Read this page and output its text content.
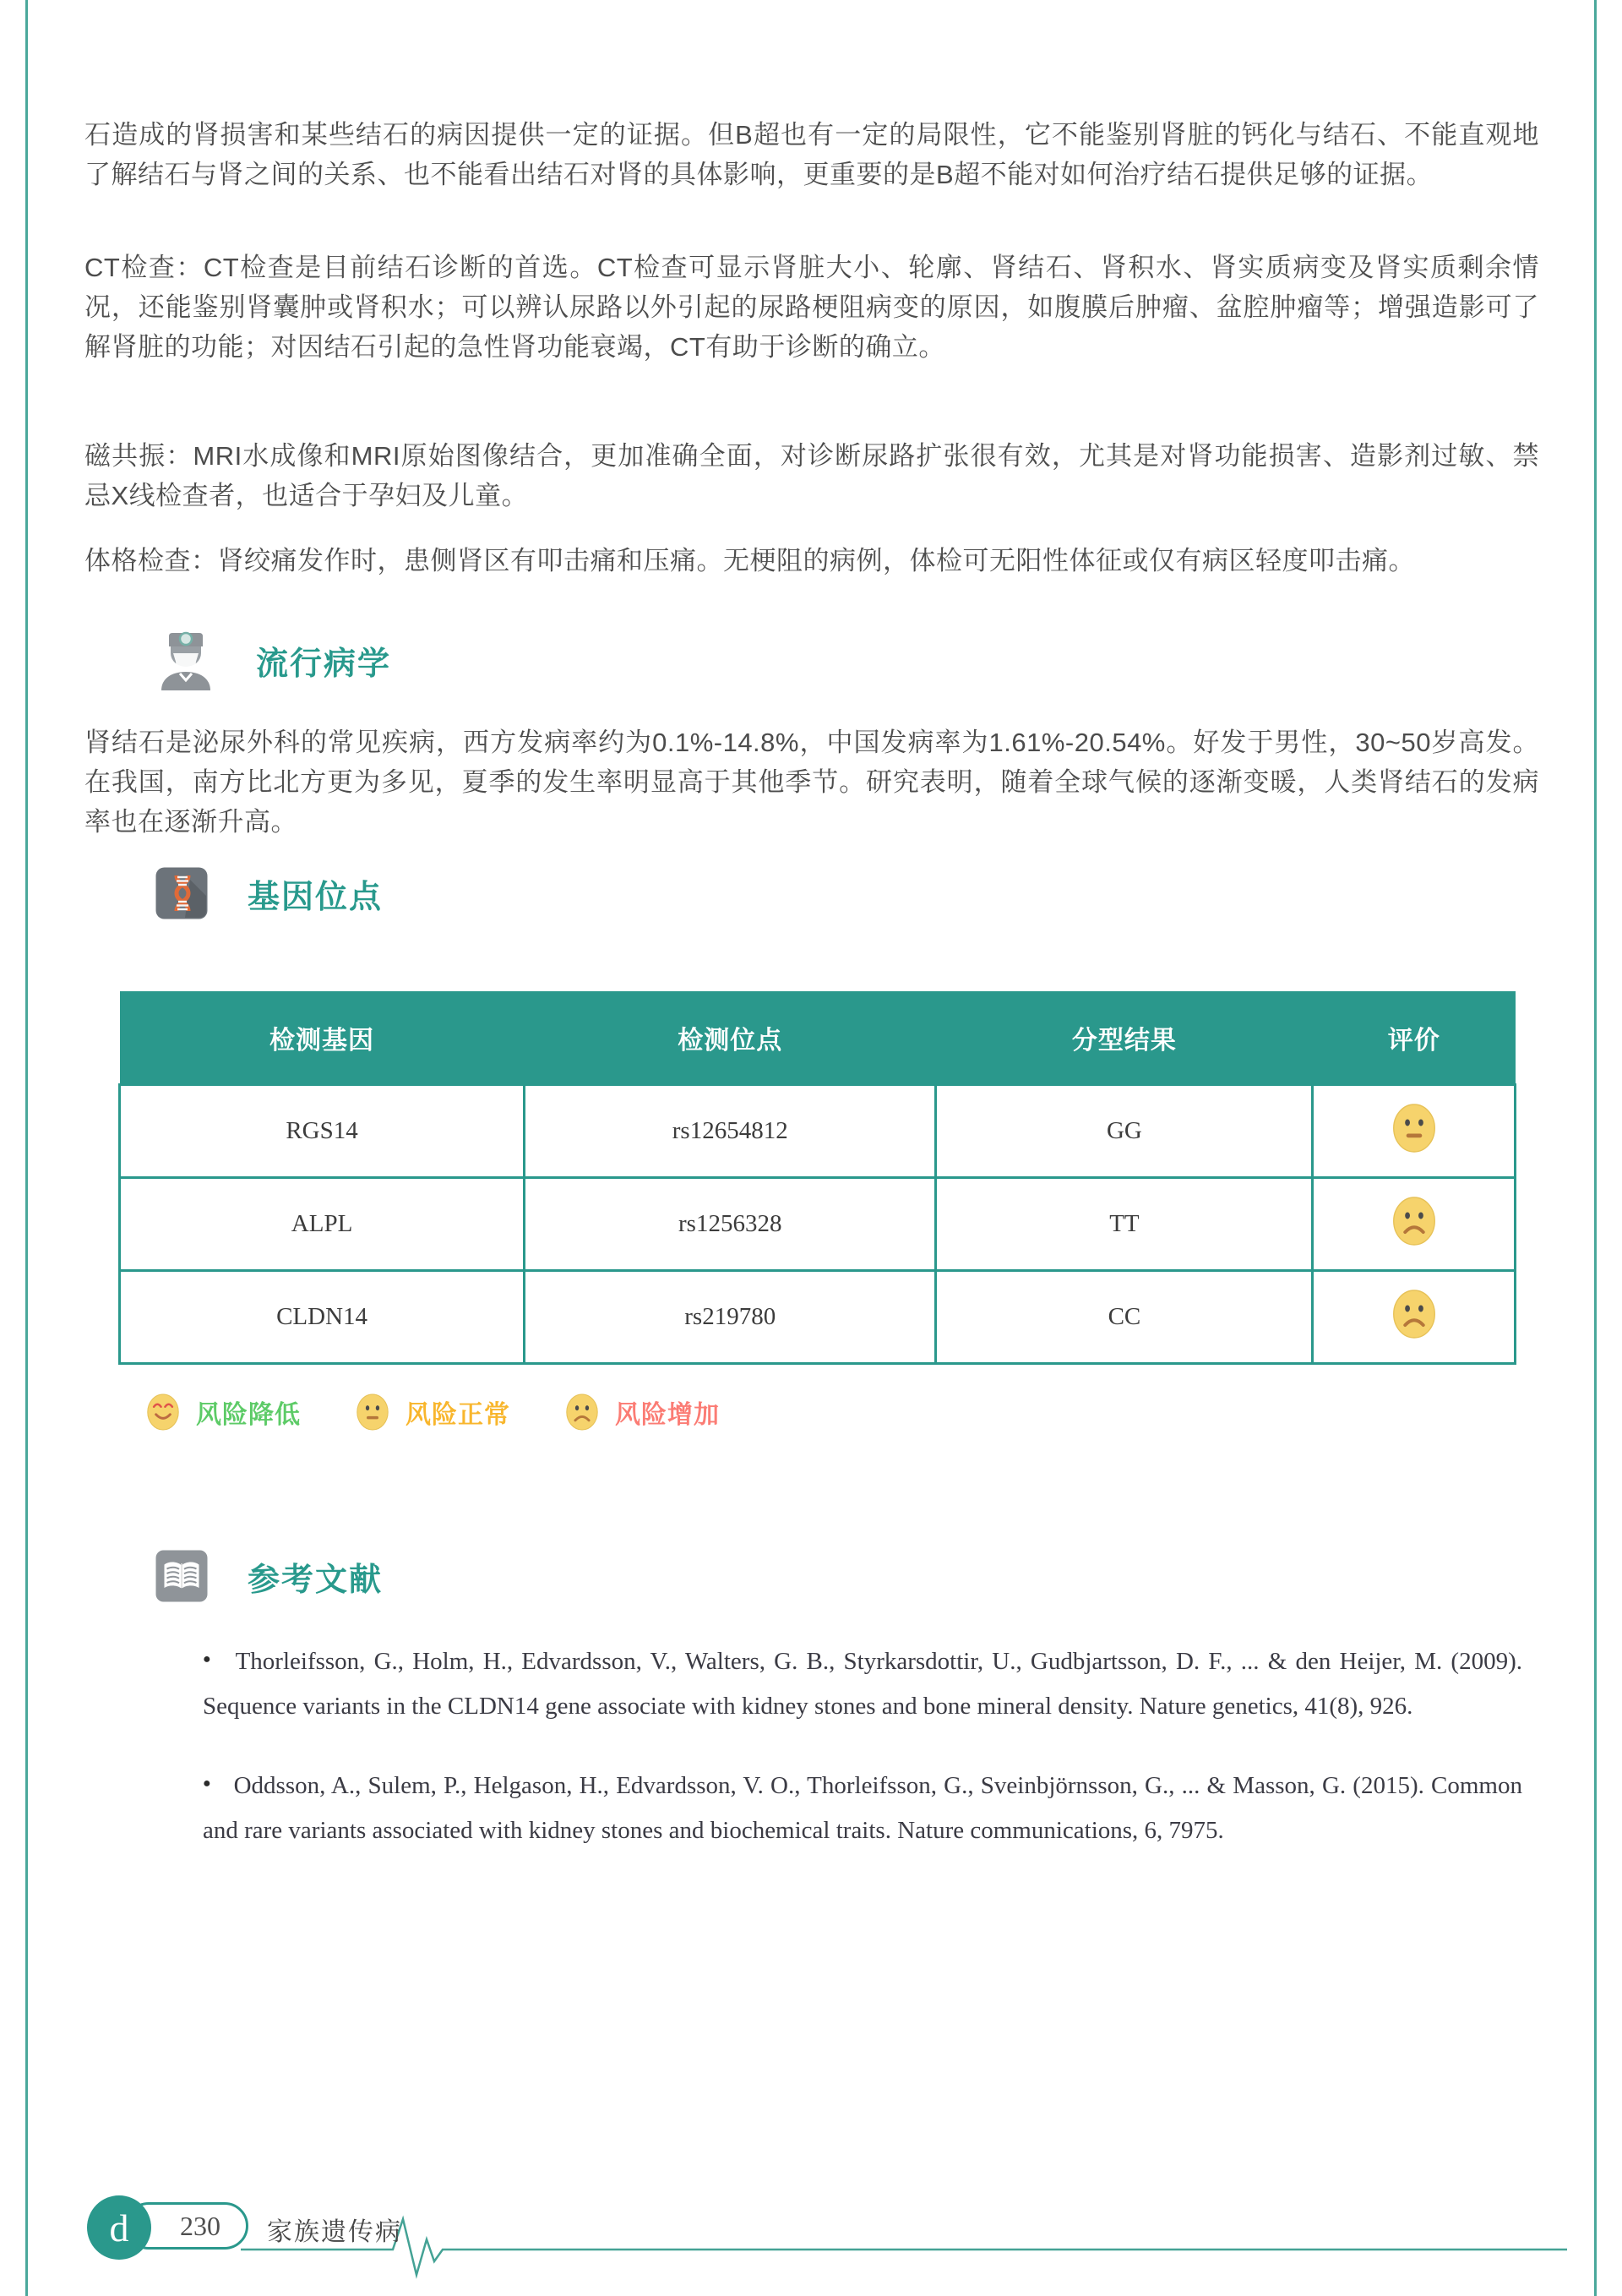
石造成的肾损害和某些结石的病因提供一定的证据。但B超也有一定的局限性，它不能鉴别肾脏的钙化与结石、不能直观地了解结石与肾之间的关系、也不能看出结石对肾的具体影响，更重要的是B超不能对如何治疗结石提供足够的证据。

CT检查：CT检查是目前结石诊断的首选。CT检查可显示肾脏大小、轮廓、肾结石、肾积水、肾实质病变及肾实质剩余情况，还能鉴别肾囊肿或肾积水；可以辨认尿路以外引起的尿路梗阻病变的原因，如腹膜后肿瘤、盆腔肿瘤等；增强造影可了解肾脏的功能；对因结石引起的急性肾功能衰竭，CT有助于诊断的确立。

磁共振：MRI水成像和MRI原始图像结合，更加准确全面，对诊断尿路扩张很有效，尤其是对肾功能损害、造影剂过敏、禁忌X线检查者，也适合于孕妇及儿童。

体格检查：肾绞痛发作时，患侧肾区有叩击痛和压痛。无梗阻的病例，体检可无阳性体征或仅有病区轻度叩击痛。

流行病学

肾结石是泌尿外科的常见疾病，西方发病率约为0.1%-14.8%，中国发病率为1.61%-20.54%。好发于男性，30~50岁高发。在我国，南方比北方更为多见，夏季的发生率明显高于其他季节。研究表明，随着全球气候的逐渐变暖，人类肾结石的发病率也在逐渐升高。

基因位点
检测基因	检测位点	分型结果	评价
RGS14	rs12654812	GG	
ALPL	rs1256328	TT	
CLDN14	rs219780	CC	
风险降低	风险正常	风险增加
参考文献
● Thorleifsson, G., Holm, H., Edvardsson, V., Walters, G. B., Styrkarsdottir, U., Gudbjartsson, D. F., ... & den Heijer, M. (2009). Sequence variants in the CLDN14 gene associate with kidney stones and bone mineral density. Nature genetics, 41(8), 926.
● Oddsson, A., Sulem, P., Helgason, H., Edvardsson, V. O., Thorleifsson, G., Sveinbjörnsson, G., ... & Masson, G. (2015). Common and rare variants associated with kidney stones and biochemical traits. Nature communications, 6, 7975.
230
d	家族遗传病
